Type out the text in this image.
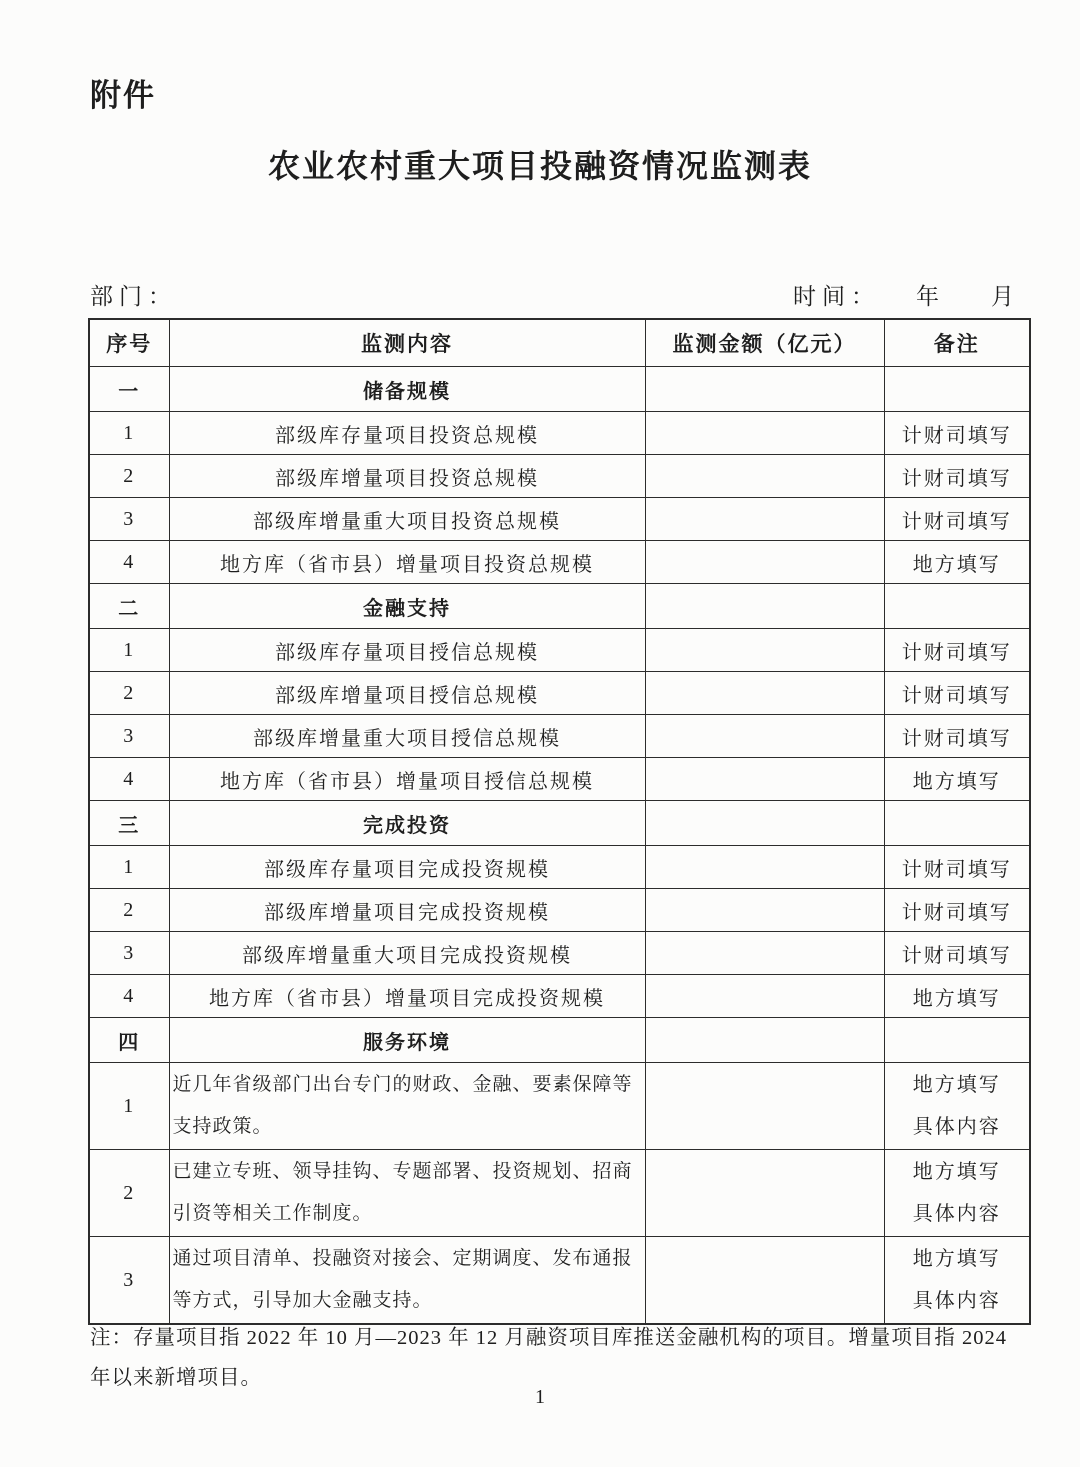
附件
农业农村重大项目投融资情况监测表
部门：	时间： 年 月
序号	监测内容	监测金额（亿元）	备注
一	储备规模		
1	部级库存量项目投资总规模		计财司填写
2	部级库增量项目投资总规模		计财司填写
3	部级库增量重大项目投资总规模		计财司填写
4	地方库（省市县）增量项目投资总规模		地方填写
二	金融支持		
1	部级库存量项目授信总规模		计财司填写
2	部级库增量项目授信总规模		计财司填写
3	部级库增量重大项目授信总规模		计财司填写
4	地方库（省市县）增量项目授信总规模		地方填写
三	完成投资		
1	部级库存量项目完成投资规模		计财司填写
2	部级库增量项目完成投资规模		计财司填写
3	部级库增量重大项目完成投资规模		计财司填写
4	地方库（省市县）增量项目完成投资规模		地方填写
四	服务环境		
1	近几年省级部门出台专门的财政、金融、要素保障等支持政策。		地方填写
具体内容

2	已建立专班、领导挂钩、专题部署、投资规划、招商引资等相关工作制度。		地方填写
具体内容

3	通过项目清单、投融资对接会、定期调度、发布通报等方式，引导加大金融支持。		地方填写
具体内容
注：存量项目指 2022 年 10 月—2023 年 12 月融资项目库推送金融机构的项目。增量项目指 2024
年以来新增项目。
1
